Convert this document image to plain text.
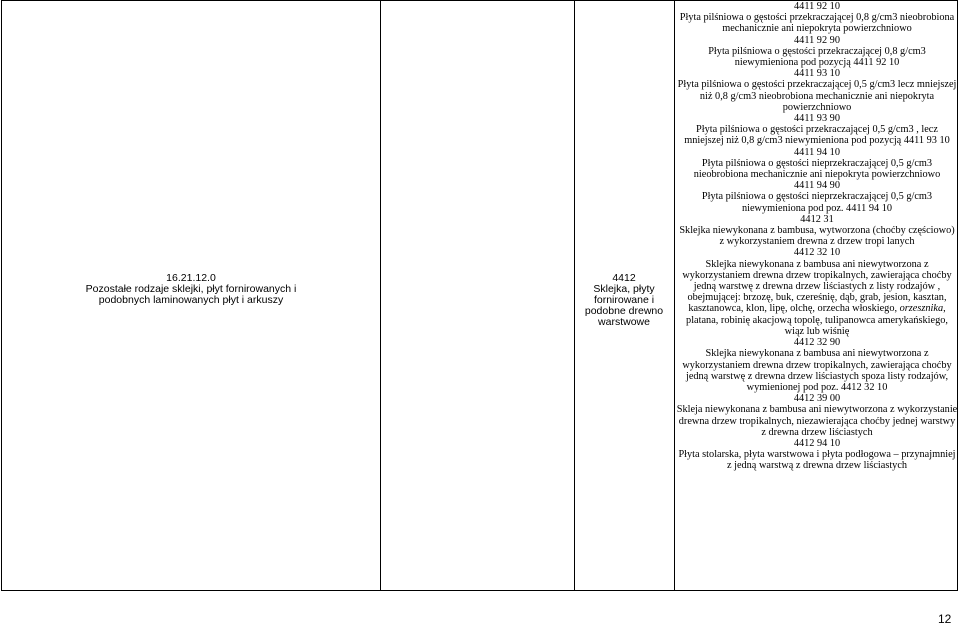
16.21.12.0
Pozostałe rodzaje sklejki, płyt fornirowanych i podobnych laminowanych płyt i arkuszy
4412
Sklejka, płyty fornirowane i podobne drewno warstwowe
4411 92 10
Płyta pilśniowa o gęstości przekraczającej 0,8 g/cm3 nieobrobiona mechanicznie ani niepokryta powierzchniowo
4411 92 90
Płyta pilśniowa o gęstości przekraczającej 0,8 g/cm3 niewymieniona pod pozycją 4411 92 10
4411 93 10
Płyta pilśniowa o gęstości przekraczającej 0,5 g/cm3 lecz mniejszej niż 0,8 g/cm3 nieobrobiona mechanicznie ani niepokryta powierzchniowo
4411 93 90
Płyta pilśniowa o gęstości przekraczającej 0,5 g/cm3 , lecz mniejszej niż 0,8 g/cm3 niewymieniona pod pozycją 4411 93 10
4411 94 10
Płyta pilśniowa o gęstości nieprzekraczającej 0,5 g/cm3 nieobrobiona mechanicznie ani niepokryta powierzchniowo
4411 94 90
Płyta pilśniowa o gęstości nieprzekraczającej 0,5 g/cm3 niewymieniona pod poz. 4411 94 10
4412 31
Sklejka niewykonana z bambusa, wytworzona (choćby częściowo) z wykorzystaniem drewna z drzew tropi lanych
4412 32 10
Sklejka niewykonana z bambusa ani niewytworzona z wykorzystaniem drewna drzew tropikalnych, zawierająca choćby jedną warstwę z drewna drzew liściastych z listy rodzajów , obejmującej: brzozę, buk, czereśnię, dąb, grab, jesion, kasztan, kasztanowca, klon, lipę, olchę, orzecha włoskiego, orzesznika, platana, robinię akacjową topolę, tulipanowca amerykańskiego, wiąz lub wiśnię
4412 32 90
Sklejka niewykonana z bambusa ani niewytworzona z wykorzystaniem drewna drzew tropikalnych, zawierająca choćby jedną warstwę z drewna drzew liściastych spoza listy rodzajów, wymienionej pod poz. 4412 32 10
4412 39 00
Skleja niewykonana z bambusa ani niewytworzona z wykorzystanie drewna drzew tropikalnych, niezawierająca choćby jednej warstwy z drewna drzew liściastych
4412 94 10
Płyta stolarska, płyta warstwowa i płyta podłogowa – przynajmniej z jedną warstwą z drewna drzew liściastych
12
